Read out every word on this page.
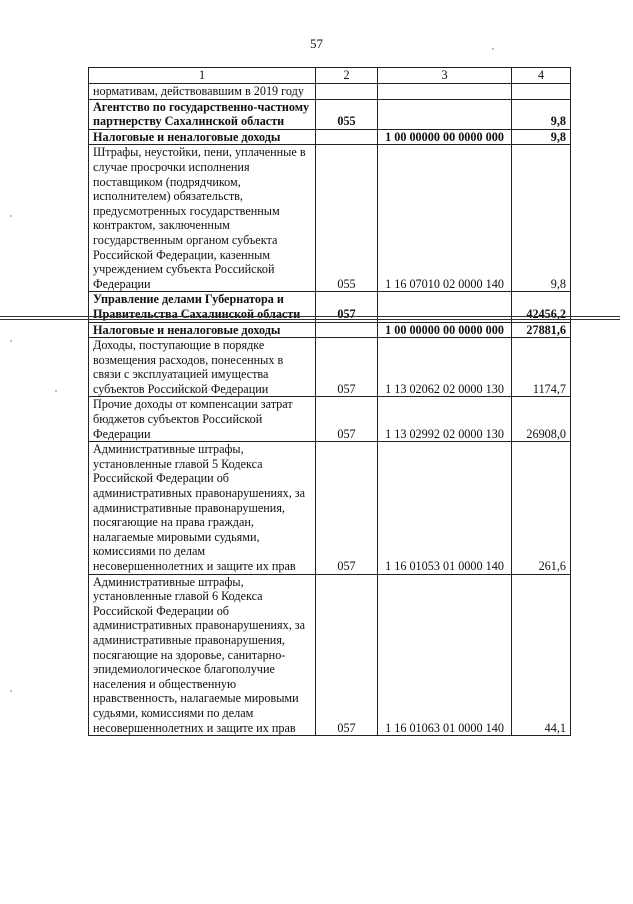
57
1	2	3	4
нормативам, действовавшим в 2019 году			
Агентство по государственно-частному партнерству Сахалинской области	055		9,8
Налоговые и неналоговые доходы		1 00 00000 00 0000 000	9,8
Штрафы, неустойки, пени, уплаченные в случае просрочки исполнения поставщиком (подрядчиком, исполнителем) обязательств, предусмотренных государственным контрактом, заключенным государственным органом субъекта Российской Федерации, казенным учреждением субъекта Российской Федерации	055	1 16 07010 02 0000 140	9,8
Управление делами Губернатора и Правительства Сахалинской области	057		42456,2
Налоговые и неналоговые доходы		1 00 00000 00 0000 000	27881,6
Доходы, поступающие в порядке возмещения расходов, понесенных в связи с эксплуатацией имущества субъектов Российской Федерации	057	1 13 02062 02 0000 130	1174,7
Прочие доходы от компенсации затрат бюджетов субъектов Российской Федерации	057	1 13 02992 02 0000 130	26908,0
Административные штрафы, установленные главой 5 Кодекса Российской Федерации об административных правонарушениях, за административные правонарушения, посягающие на права граждан, налагаемые мировыми судьями, комиссиями по делам несовершеннолетних и защите их прав	057	1 16 01053 01 0000 140	261,6
Административные штрафы, установленные главой 6 Кодекса Российской Федерации об административных правонарушениях, за административные правонарушения, посягающие на здоровье, санитарно-эпидемиологическое благополучие населения и общественную нравственность, налагаемые мировыми судьями, комиссиями по делам несовершеннолетних и защите их прав	057	1 16 01063 01 0000 140	44,1
